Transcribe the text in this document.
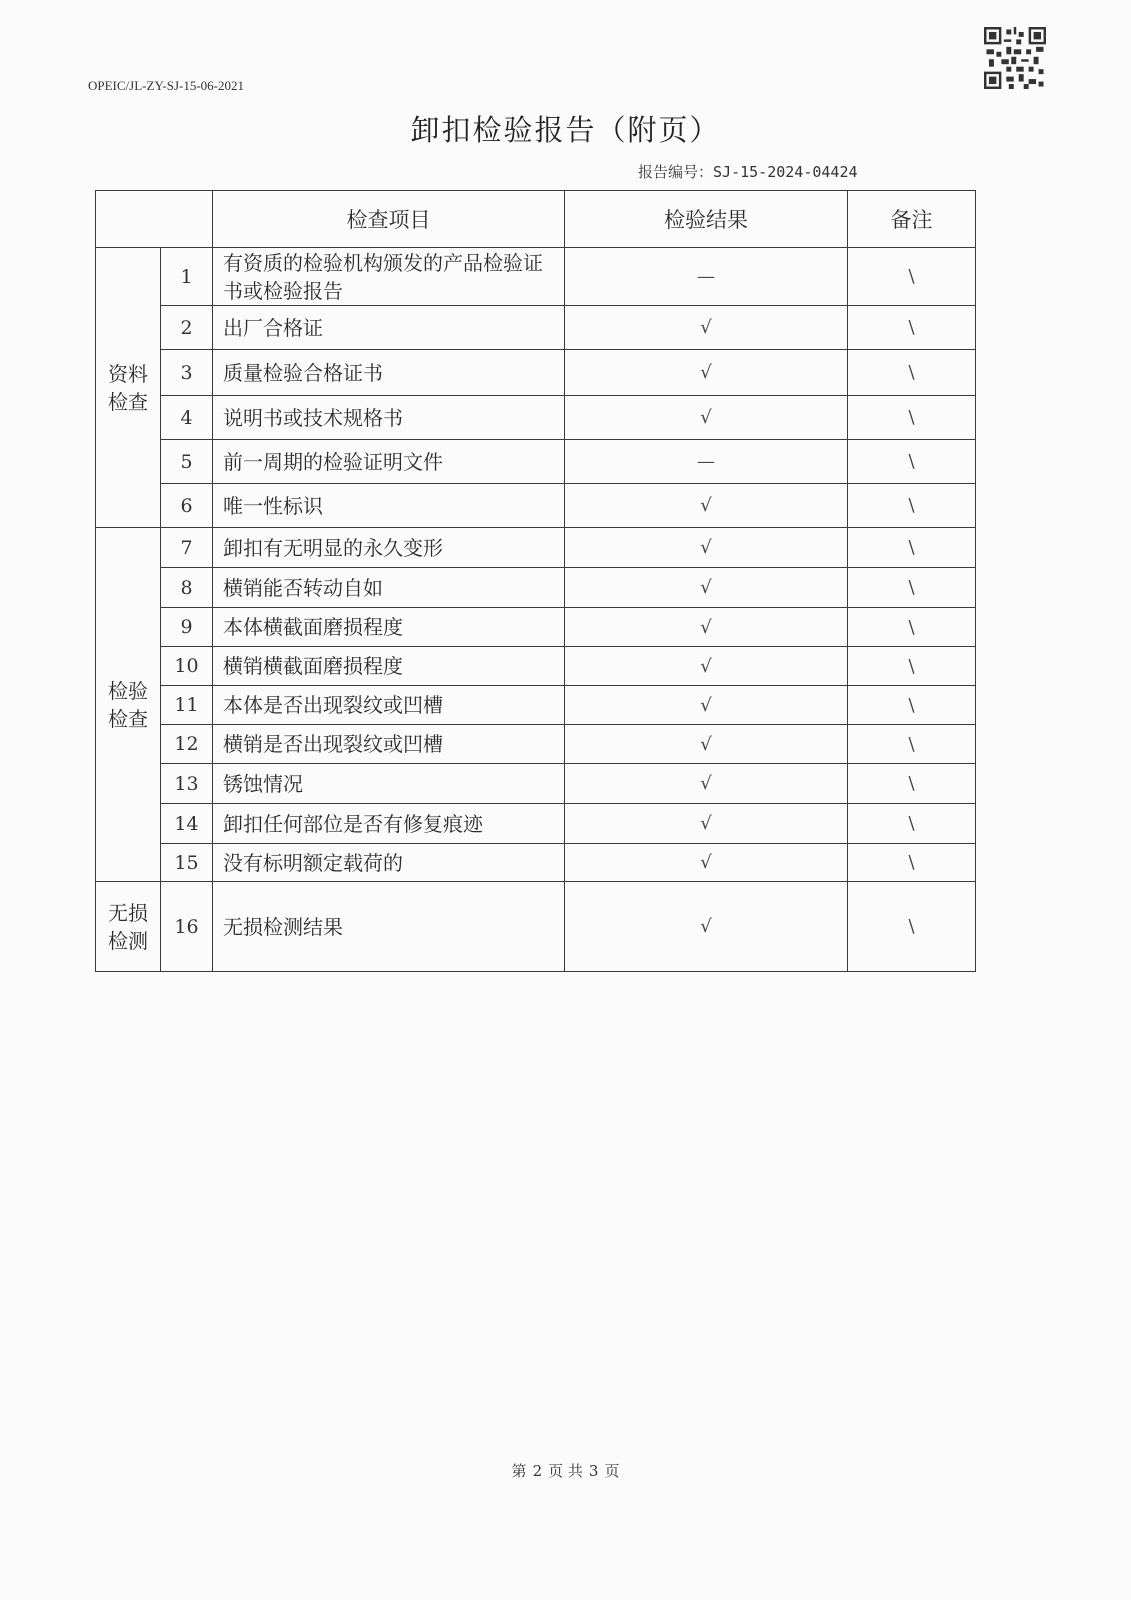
OPEIC/JL-ZY-SJ-15-06-2021
卸扣检验报告（附页）
报告编号：SJ-15-2024-04424
		检查项目	检验结果	备注

资料
检查	1	有资质的检验机构颁发的产品检验证书或检验报告	—	\
	2	出厂合格证	√	\
	3	质量检验合格证书	√	\
	4	说明书或技术规格书	√	\
	5	前一周期的检验证明文件	—	\
	6	唯一性标识	√	\

检验
检查	7	卸扣有无明显的永久变形	√	\
	8	横销能否转动自如	√	\
	9	本体横截面磨损程度	√	\
	10	横销横截面磨损程度	√	\
	11	本体是否出现裂纹或凹槽	√	\
	12	横销是否出现裂纹或凹槽	√	\
	13	锈蚀情况	√	\
	14	卸扣任何部位是否有修复痕迹	√	\
	15	没有标明额定载荷的	√	\

无损
检测	16	无损检测结果	√	\
第 2 页 共 3 页
